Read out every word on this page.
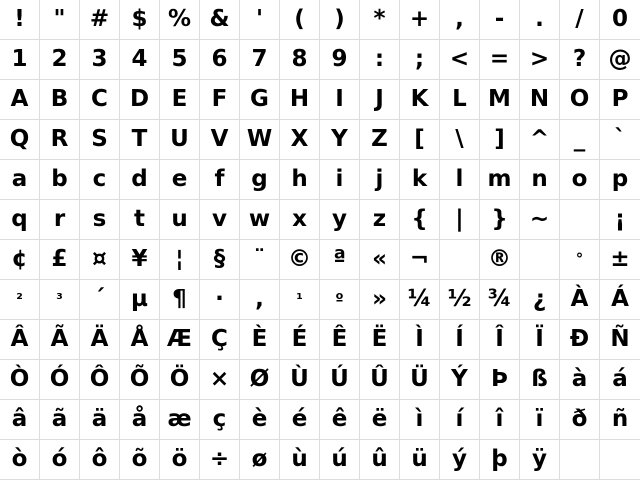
! " # $ % & ' ( ) * + , - . / 0
1 2 3 4 5 6 7 8 9 : ; < = > ? @
A B C D E F G H I J K L M N O P
Q R S T U V W X Y Z [ \ ] ^ _ `
a b c d e f g h i j k l m n o p
q r s t u v w x y z { | } ~	¡
¢ £ ¤ ¥ ¦ § ¨ © ª « ¬	®	° ±
² ³ ´ µ ¶ · , ¹ º » ¼ ½ ¾ ¿ À Á
Â Ã Ä Å Æ Ç È É Ê Ë Ì Í Î Ï Ð Ñ
Ò Ó Ô Õ Ö × Ø Ù Ú Û Ü Ý Þ ß à á
â ã ä å æ ç è é ê ë ì í î ï ð ñ
ò ó ô õ ö ÷ ø ù ú û ü ý þ ÿ
